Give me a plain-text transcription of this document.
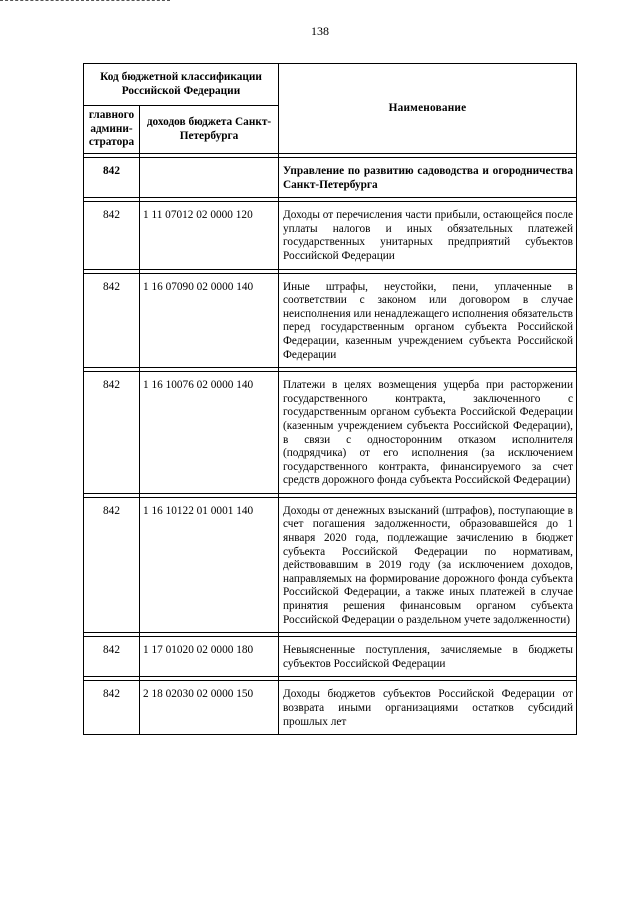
138
Код бюджетной классификации Российской Федерации		Наименование
главного админи-стратора	доходов бюджета Санкт-Петербурга	

842		Управление по развитию садоводства и огородничества Санкт-Петербурга

842	1 11 07012 02 0000 120	Доходы от перечисления части прибыли, остающейся после уплаты налогов и иных обязательных платежей государственных унитарных предприятий субъектов Российской Федерации

842	1 16 07090 02 0000 140	Иные штрафы, неустойки, пени, уплаченные в соответствии с законом или договором в случае неисполнения или ненадлежащего исполнения обязательств перед государственным органом субъекта Российской Федерации, казенным учреждением субъекта Российской Федерации

842	1 16 10076 02 0000 140	Платежи в целях возмещения ущерба при расторжении государственного контракта, заключенного с государственным органом субъекта Российской Федерации (казенным учреждением субъекта Российской Федерации), в связи с односторонним отказом исполнителя (подрядчика) от его исполнения (за исключением государственного контракта, финансируемого за счет средств дорожного фонда субъекта Российской Федерации)

842	1 16 10122 01 0001 140	Доходы от денежных взысканий (штрафов), поступающие в счет погашения задолженности, образовавшейся до 1 января 2020 года, подлежащие зачислению в бюджет субъекта Российской Федерации по нормативам, действовавшим в 2019 году (за исключением доходов, направляемых на формирование дорожного фонда субъекта Российской Федерации, а также иных платежей в случае принятия решения финансовым органом субъекта Российской Федерации о раздельном учете задолженности)

842	1 17 01020 02 0000 180	Невыясненные поступления, зачисляемые в бюджеты субъектов Российской Федерации

842	2 18 02030 02 0000 150	Доходы бюджетов субъектов Российской Федерации от возврата иными организациями остатков субсидий прошлых лет
